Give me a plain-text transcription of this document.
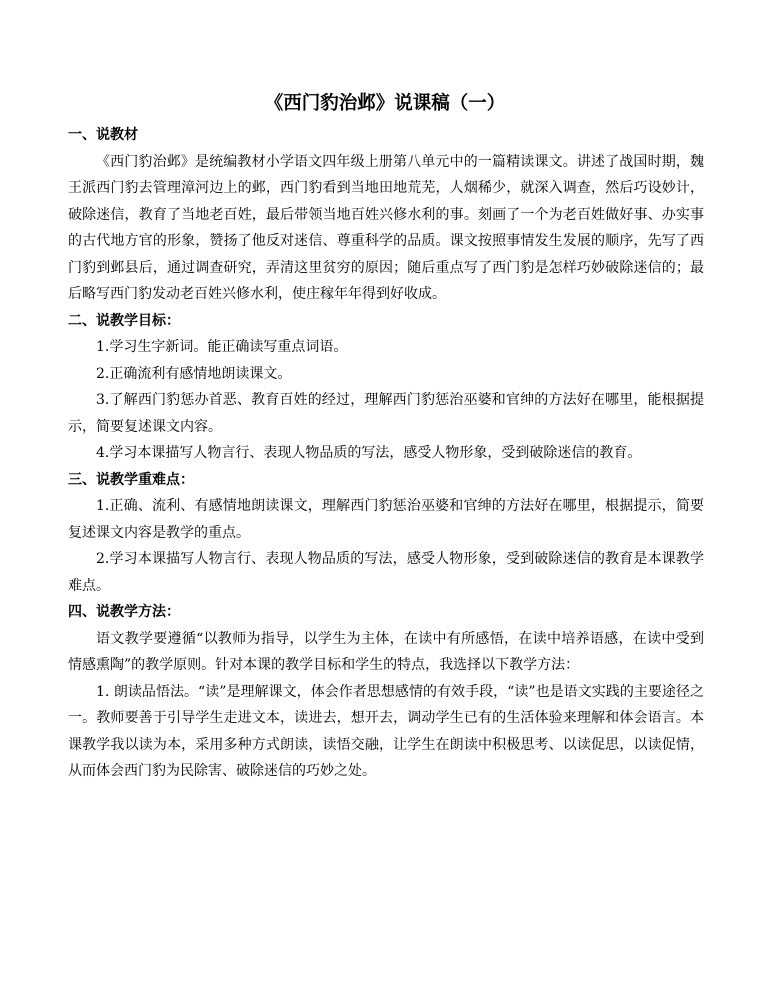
《西门豹治邺》说课稿（一）

一、说教材

《西门豹治邺》是统编教材小学语文四年级上册第八单元中的一篇精读课文。讲述了战国时期，魏王派西门豹去管理漳河边上的邺，西门豹看到当地田地荒芜，人烟稀少，就深入调查，然后巧设妙计，破除迷信，教育了当地老百姓，最后带领当地百姓兴修水利的事。刻画了一个为老百姓做好事、办实事的古代地方官的形象，赞扬了他反对迷信、尊重科学的品质。课文按照事情发生发展的顺序，先写了西门豹到邺县后，通过调查研究，弄清这里贫穷的原因；随后重点写了西门豹是怎样巧妙破除迷信的；最后略写西门豹发动老百姓兴修水利，使庄稼年年得到好收成。

二、说教学目标：

1.学习生字新词。能正确读写重点词语。

2.正确流利有感情地朗读课文。

3.了解西门豹惩办首恶、教育百姓的经过，理解西门豹惩治巫婆和官绅的方法好在哪里，能根据提示，简要复述课文内容。

4.学习本课描写人物言行、表现人物品质的写法，感受人物形象，受到破除迷信的教育。

三、说教学重难点：

1.正确、流利、有感情地朗读课文，理解西门豹惩治巫婆和官绅的方法好在哪里，根据提示，简要复述课文内容是教学的重点。

2.学习本课描写人物言行、表现人物品质的写法，感受人物形象，受到破除迷信的教育是本课教学难点。

四、说教学方法：

语文教学要遵循“以教师为指导，以学生为主体，在读中有所感悟，在读中培养语感，在读中受到情感熏陶”的教学原则。针对本课的教学目标和学生的特点，我选择以下教学方法：

1. 朗读品悟法。“读”是理解课文，体会作者思想感情的有效手段，“读”也是语文实践的主要途径之一。教师要善于引导学生走进文本，读进去，想开去，调动学生已有的生活体验来理解和体会语言。本课教学我以读为本，采用多种方式朗读，读悟交融，让学生在朗读中积极思考、以读促思，以读促情，从而体会西门豹为民除害、破除迷信的巧妙之处。
